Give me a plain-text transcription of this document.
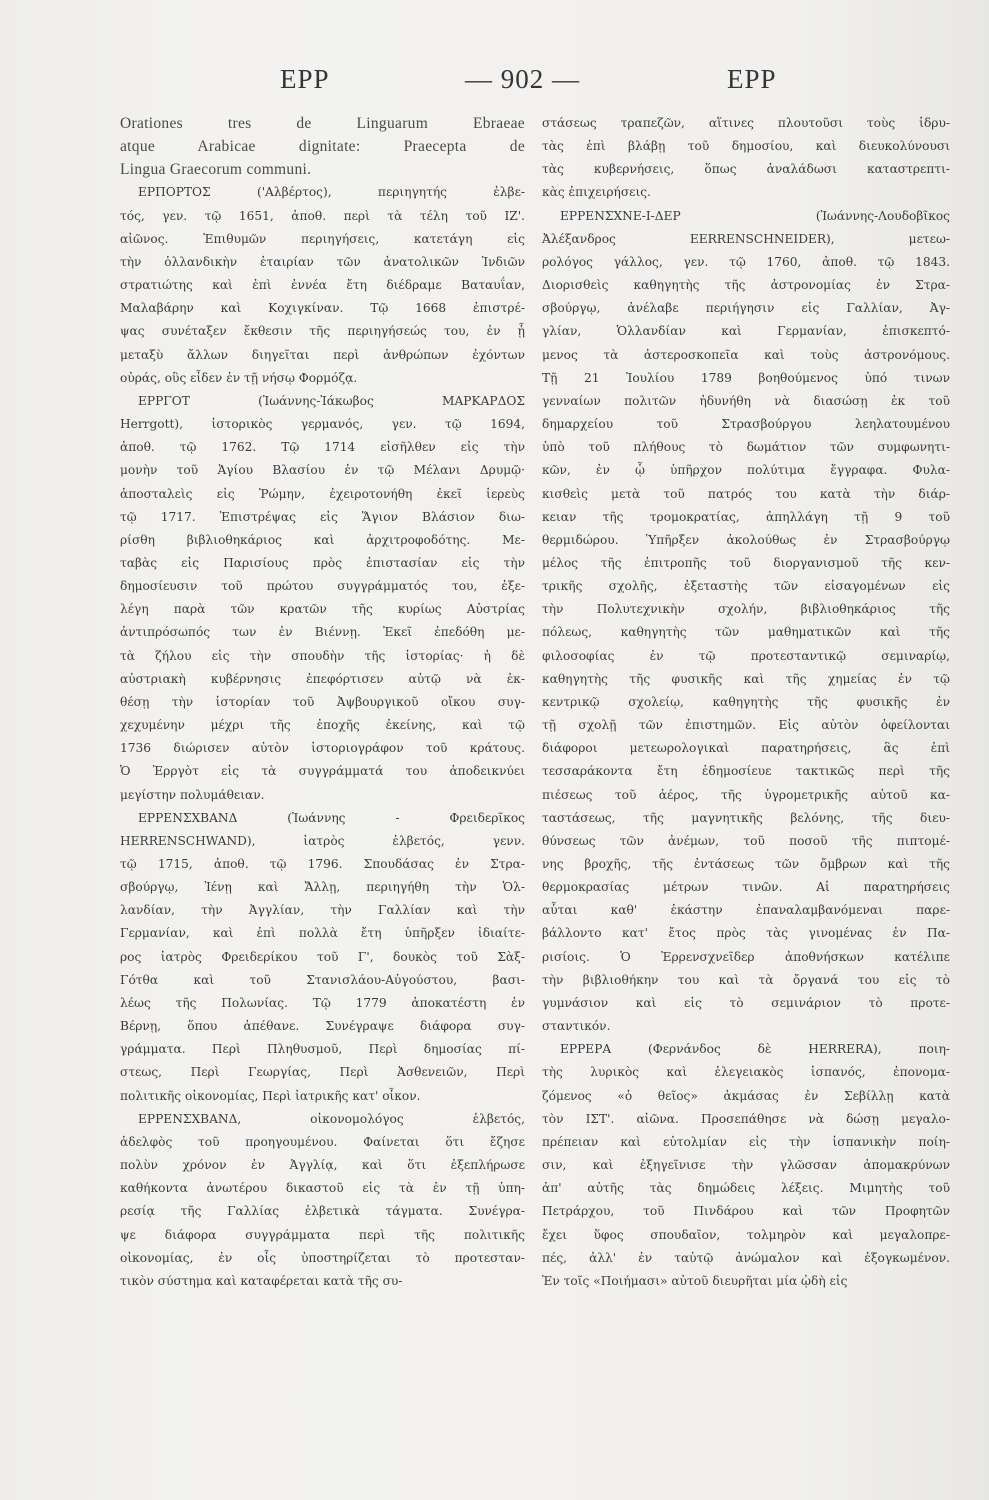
ΕΡΡ	— 902 —	ΕΡΡ
Orationes tres de Linguarum Ebraeae
atque Arabicae dignitate: Praecepta de
Lingua Graecorum communi.
ΕΡΠΟΡΤΟΣ ('Αλβέρτος), περιηγητής ἐλβε-
τός, γεν. τῷ 1651, ἀποθ. περὶ τὰ τέλη τοῦ ΙΖ'.
αἰῶνος. Ἐπιθυμῶν περιηγήσεις, κατετάγη εἰς
τὴν ὁλλανδικὴν ἑταιρίαν τῶν ἀνατολικῶν Ἰνδιῶν
στρατιώτης καὶ ἐπὶ ἐννέα ἔτη διέδραμε Βαταυΐαν,
Μαλαβάρην καὶ Κοχιγκίναν. Τῷ 1668 ἐπιστρέ-
ψας συνέταξεν ἔκθεσιν τῆς περιηγήσεώς του, ἐν ᾗ
μεταξὺ ἄλλων διηγεῖται περὶ ἀνθρώπων ἐχόντων
οὐράς, οὓς εἶδεν ἐν τῇ νήσῳ Φορμόζᾳ.
ΕΡΡΓΟΤ (Ἰωάννης-Ἰάκωβος ΜΑΡΚΑΡΔΟΣ
Herrgott), ἱστορικὸς γερμανός, γεν. τῷ 1694,
ἀποθ. τῷ 1762. Τῷ 1714 εἰσῆλθεν εἰς τὴν
μονὴν τοῦ Ἁγίου Βλασίου ἐν τῷ Μέλανι Δρυμῷ·
ἀποσταλεὶς εἰς Ῥώμην, ἐχειροτονήθη ἐκεῖ ἱερεὺς
τῷ 1717. Ἐπιστρέψας εἰς Ἅγιον Βλάσιον διω-
ρίσθη βιβλιοθηκάριος καὶ ἀρχιτροφοδότης. Με-
ταβὰς εἰς Παρισίους πρὸς ἐπιστασίαν εἰς τὴν
δημοσίευσιν τοῦ πρώτου συγγράμματός του, ἐξε-
λέγη παρὰ τῶν κρατῶν τῆς κυρίως Αὐστρίας
ἀντιπρόσωπός των ἐν Βιέννῃ. Ἐκεῖ ἐπεδόθη με-
τὰ ζήλου εἰς τὴν σπουδὴν τῆς ἱστορίας· ἡ δὲ
αὐστριακὴ κυβέρνησις ἐπεφόρτισεν αὐτῷ νὰ ἐκ-
θέσῃ τὴν ἱστορίαν τοῦ Ἀψβουργικοῦ οἴκου συγ-
χεχυμένην μέχρι τῆς ἐποχῆς ἐκείνης, καὶ τῷ
1736 διώρισεν αὐτὸν ἱστοριογράφον τοῦ κράτους.
Ὁ Ἐρργὸτ εἰς τὰ συγγράμματά του ἀποδεικνύει
μεγίστην πολυμάθειαν.
ΕΡΡΕΝΣΧΒΑΝΔ (Ἰωάννης - Φρειδερῖκος
HERRENSCHWAND), ἰατρὸς ἑλβετός, γενν.
τῷ 1715, ἀποθ. τῷ 1796. Σπουδάσας ἐν Στρα-
σβούργῳ, Ἰένῃ καὶ Ἄλλῃ, περιηγήθη τὴν Ὁλ-
λανδίαν, τὴν Ἀγγλίαν, τὴν Γαλλίαν καὶ τὴν
Γερμανίαν, καὶ ἐπὶ πολλὰ ἔτη ὑπῆρξεν ἰδιαίτε-
ρος ἰατρὸς Φρειδερίκου τοῦ Γ', δουκὸς τοῦ Σὰξ-
Γότθα καὶ τοῦ Στανισλάου-Αὐγούστου, βασι-
λέως τῆς Πολωνίας. Τῷ 1779 ἀποκατέστη ἐν
Βέρνῃ, ὅπου ἀπέθανε. Συνέγραψε διάφορα συγ-
γράμματα. Περὶ Πληθυσμοῦ, Περὶ δημοσίας πί-
στεως, Περὶ Γεωργίας, Περὶ Ἀσθενειῶν, Περὶ
πολιτικῆς οἰκονομίας, Περὶ ἰατρικῆς κατ' οἶκον.
ΕΡΡΕΝΣΧΒΑΝΔ, οἰκονομολόγος ἑλβετός,
ἀδελφὸς τοῦ προηγουμένου. Φαίνεται ὅτι ἔζησε
πολὺν χρόνον ἐν Ἀγγλίᾳ, καὶ ὅτι ἐξεπλήρωσε
καθήκοντα ἀνωτέρου δικαστοῦ εἰς τὰ ἐν τῇ ὑπη-
ρεσίᾳ τῆς Γαλλίας ἑλβετικὰ τάγματα. Συνέγρα-
ψε διάφορα συγγράμματα περὶ τῆς πολιτικῆς
οἰκονομίας, ἐν οἷς ὑποστηρίζεται τὸ προτεσταν-
τικὸν σύστημα καὶ καταφέρεται κατὰ τῆς συ-
στάσεως τραπεζῶν, αἵτινες πλουτοῦσι τοὺς ἱδρυ-
τὰς ἐπὶ βλάβῃ τοῦ δημοσίου, καὶ διευκολύνουσι
τὰς κυβερνήσεις, ὅπως ἀναλάδωσι καταστρεπτι-
κὰς ἐπιχειρήσεις.
ΕΡΡΕΝΣΧΝΕ-Ι-ΔΕΡ (Ἰωάννης-Λουδοβῖκος
Ἀλέξανδρος EERRENSCHNEIDER), μετεω-
ρολόγος γάλλος, γεν. τῷ 1760, ἀποθ. τῷ 1843.
Διορισθεὶς καθηγητὴς τῆς ἀστρονομίας ἐν Στρα-
σβούργῳ, ἀνέλαβε περιήγησιν εἰς Γαλλίαν, Ἀγ-
γλίαν, Ὁλλανδίαν καὶ Γερμανίαν, ἐπισκεπτό-
μενος τὰ ἀστεροσκοπεῖα καὶ τοὺς ἀστρονόμους.
Τῇ 21 Ἰουλίου 1789 βοηθούμενος ὑπό τινων
γενναίων πολιτῶν ἠδυνήθη νὰ διασώσῃ ἐκ τοῦ
δημαρχείου τοῦ Στρασβούργου λεηλατουμένου
ὑπὸ τοῦ πλήθους τὸ δωμάτιον τῶν συμφωνητι-
κῶν, ἐν ᾧ ὑπῆρχον πολύτιμα ἔγγραφα. Φυλα-
κισθεὶς μετὰ τοῦ πατρός του κατὰ τὴν διάρ-
κειαν τῆς τρομοκρατίας, ἀπηλλάγη τῇ 9 τοῦ
θερμιδώρου. Ὑπῆρξεν ἀκολούθως ἐν Στρασβούργῳ
μέλος τῆς ἐπιτροπῆς τοῦ διοργανισμοῦ τῆς κεν-
τρικῆς σχολῆς, ἐξεταστὴς τῶν εἰσαγομένων εἰς
τὴν Πολυτεχνικὴν σχολήν, βιβλιοθηκάριος τῆς
πόλεως, καθηγητὴς τῶν μαθηματικῶν καὶ τῆς
φιλοσοφίας ἐν τῷ προτεσταντικῷ σεμιναρίῳ,
καθηγητὴς τῆς φυσικῆς καὶ τῆς χημείας ἐν τῷ
κεντρικῷ σχολείῳ, καθηγητὴς τῆς φυσικῆς ἐν
τῇ σχολῇ τῶν ἐπιστημῶν. Εἰς αὐτὸν ὀφείλονται
διάφοροι μετεωρολογικαὶ παρατηρήσεις, ἃς ἐπὶ
τεσσαράκοντα ἔτη ἐδημοσίευε τακτικῶς περὶ τῆς
πιέσεως τοῦ ἀέρος, τῆς ὑγρομετρικῆς αὐτοῦ κα-
ταστάσεως, τῆς μαγνητικῆς βελόνης, τῆς διευ-
θύνσεως τῶν ἀνέμων, τοῦ ποσοῦ τῆς πιπτομέ-
νης βροχῆς, τῆς ἐντάσεως τῶν ὄμβρων καὶ τῆς
θερμοκρασίας μέτρων τινῶν. Αἱ παρατηρήσεις
αὗται καθ' ἑκάστην ἐπαναλαμβανόμεναι παρε-
βάλλοντο κατ' ἔτος πρὸς τὰς γινομένας ἐν Πα-
ρισίοις. Ὁ Ἐρρενσχνεῖδερ ἀποθνήσκων κατέλιπε
τὴν βιβλιοθήκην του καὶ τὰ ὄργανά του εἰς τὸ
γυμνάσιον καὶ εἰς τὸ σεμινάριον τὸ προτε-
σταντικόν.
ΕΡΡΕΡΑ (Φερνάνδος δὲ HERRERA), ποιη-
τὴς λυρικὸς καὶ ἐλεγειακὸς ἱσπανός, ἐπονομα-
ζόμενος «ὁ θεῖος» ἀκμάσας ἐν Σεβίλλῃ κατὰ
τὸν ΙΣΤ'. αἰῶνα. Προσεπάθησε νὰ δώσῃ μεγαλο-
πρέπειαν καὶ εὐτολμίαν εἰς τὴν ἱσπανικὴν ποίη-
σιν, καὶ ἐξηγεῖνισε τὴν γλῶσσαν ἀπομακρύνων
ἀπ' αὐτῆς τὰς δημώδεις λέξεις. Μιμητὴς τοῦ
Πετράρχου, τοῦ Πινδάρου καὶ τῶν Προφητῶν
ἔχει ὕφος σπουδαῖον, τολμηρὸν καὶ μεγαλοπρε-
πές, ἀλλ' ἐν ταὐτῷ ἀνώμαλον καὶ ἐξογκωμένον.
Ἐν τοῖς «Ποιήμασι» αὐτοῦ διευρῆται μία ᾠδὴ εἰς
